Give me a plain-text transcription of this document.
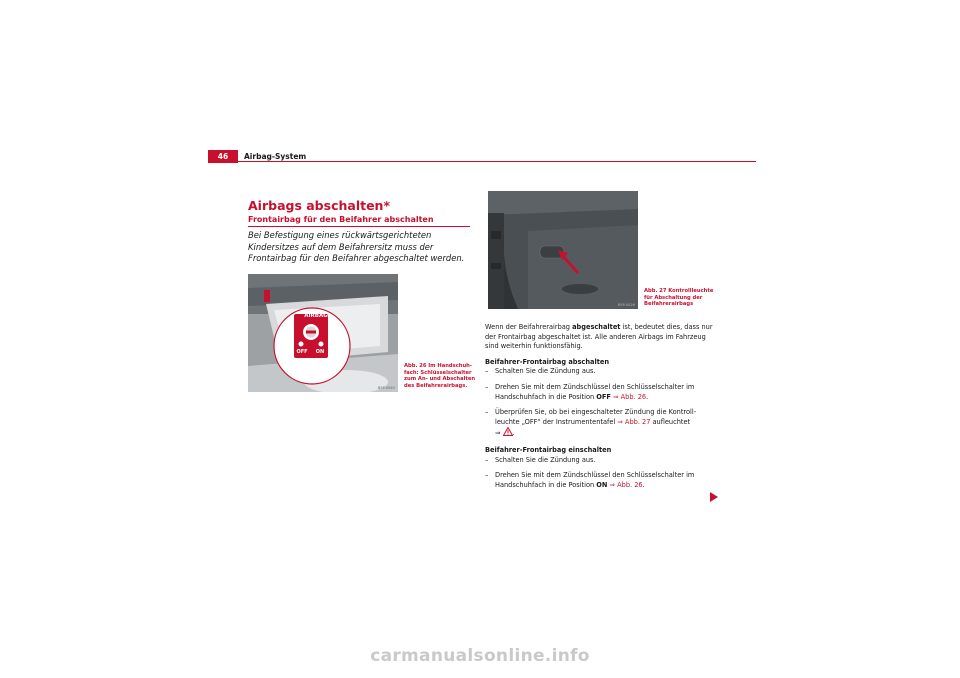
46	Airbag-System
Airbags abschalten*
Frontairbag für den Beifahrer abschalten
Bei Befestigung eines rückwärtsgerichteten Kindersitzes auf dem Beifahrersitz muss der Frontairbag für den Beifahrer abgeschaltet werden.
AIRBAG
OFF	ON
B5P-0063
Abb. 26 Im Handschuh-
fach: Schlüsselschalter
zum An- und Abschalten
des Beifahrerairbags.
B5P-0026
Abb. 27 Kontrollleuchte
für Abschaltung der
Beifahrerairbags

Wenn der Beifahrerairbag abgeschaltet ist, bedeutet dies, dass nur der Frontairbag abgeschaltet ist. Alle anderen Airbags im Fahrzeug sind weiterhin funktionsfähig.

Beifahrer-Frontairbag abschalten

– Schalten Sie die Zündung aus.
– Drehen Sie mit dem Zündschlüssel den Schlüsselschalter im Handschuhfach in die Position OFF ⇒ Abb. 26.
– Überprüfen Sie, ob bei eingeschalteter Zündung die Kontrollleuchte „OFF“ der Instrumententafel ⇒ Abb. 27 aufleuchtet
⇒ .

Beifahrer-Frontairbag einschalten

– Schalten Sie die Zündung aus.
– Drehen Sie mit dem Zündschlüssel den Schlüsselschalter im Handschuhfach in die Position ON ⇒ Abb. 26.
carmanualsonline.info
